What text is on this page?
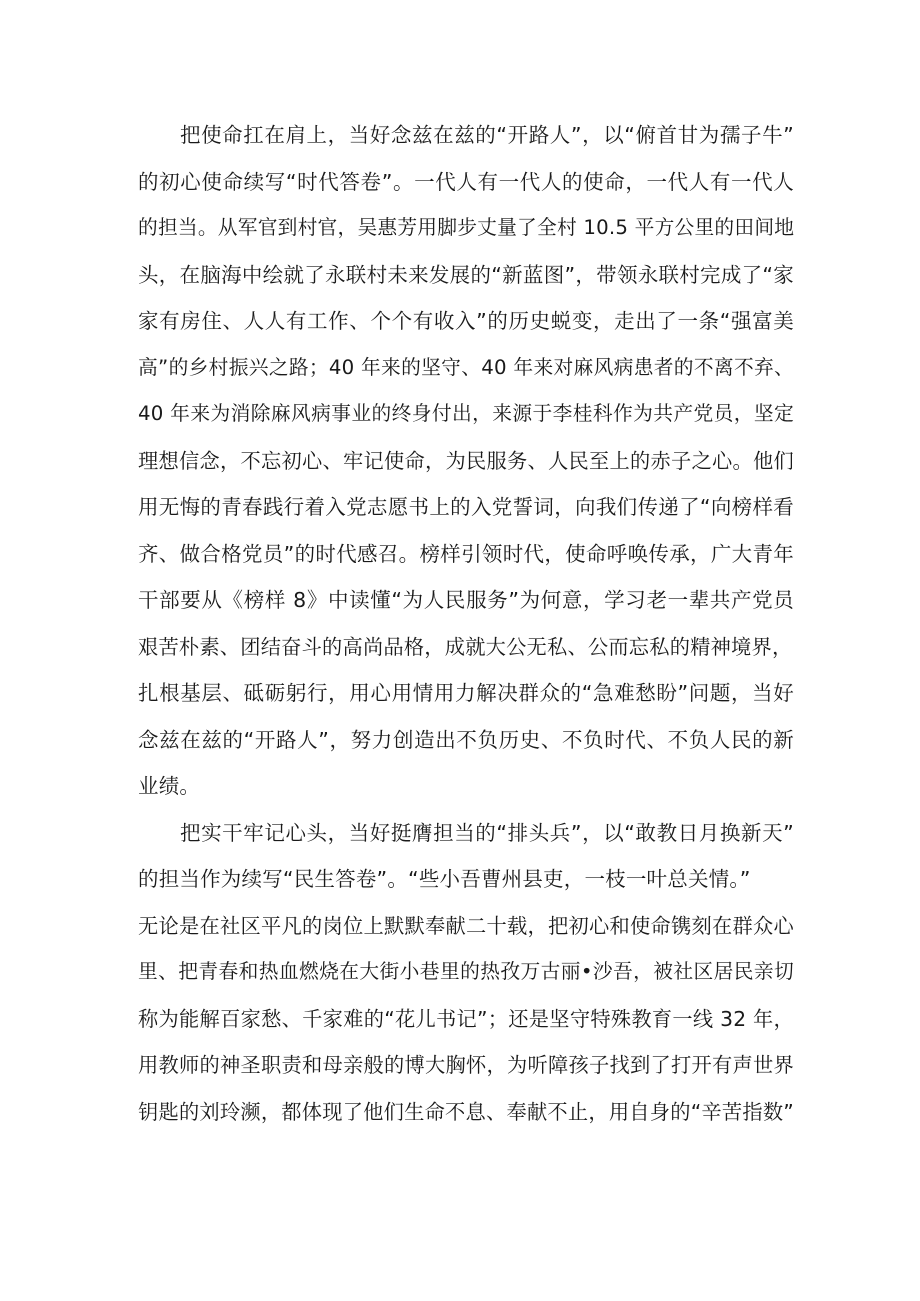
把使命扛在肩上，当好念兹在兹的“开路人”，以“俯首甘为孺子牛”
的初心使命续写“时代答卷”。一代人有一代人的使命，一代人有一代人
的担当。从军官到村官，吴惠芳用脚步丈量了全村 10.5 平方公里的田间地
头，在脑海中绘就了永联村未来发展的“新蓝图”，带领永联村完成了“家
家有房住、人人有工作、个个有收入”的历史蜕变，走出了一条“强富美
高”的乡村振兴之路；40 年来的坚守、40 年来对麻风病患者的不离不弃、
40 年来为消除麻风病事业的终身付出，来源于李桂科作为共产党员，坚定
理想信念，不忘初心、牢记使命，为民服务、人民至上的赤子之心。他们
用无悔的青春践行着入党志愿书上的入党誓词，向我们传递了“向榜样看
齐、做合格党员”的时代感召。榜样引领时代，使命呼唤传承，广大青年
干部要从《榜样 8》中读懂“为人民服务”为何意，学习老一辈共产党员
艰苦朴素、团结奋斗的高尚品格，成就大公无私、公而忘私的精神境界，
扎根基层、砥砺躬行，用心用情用力解决群众的“急难愁盼”问题，当好
念兹在兹的“开路人”，努力创造出不负历史、不负时代、不负人民的新
业绩。
把实干牢记心头，当好挺膺担当的“排头兵”，以“敢教日月换新天”
的担当作为续写“民生答卷”。“些小吾曹州县吏，一枝一叶总关情。”
无论是在社区平凡的岗位上默默奉献二十载，把初心和使命镌刻在群众心
里、把青春和热血燃烧在大街小巷里的热孜万古丽•沙吾，被社区居民亲切
称为能解百家愁、千家难的“花儿书记”；还是坚守特殊教育一线 32 年，
用教师的神圣职责和母亲般的博大胸怀，为听障孩子找到了打开有声世界
钥匙的刘玲濒，都体现了他们生命不息、奉献不止，用自身的“辛苦指数”
